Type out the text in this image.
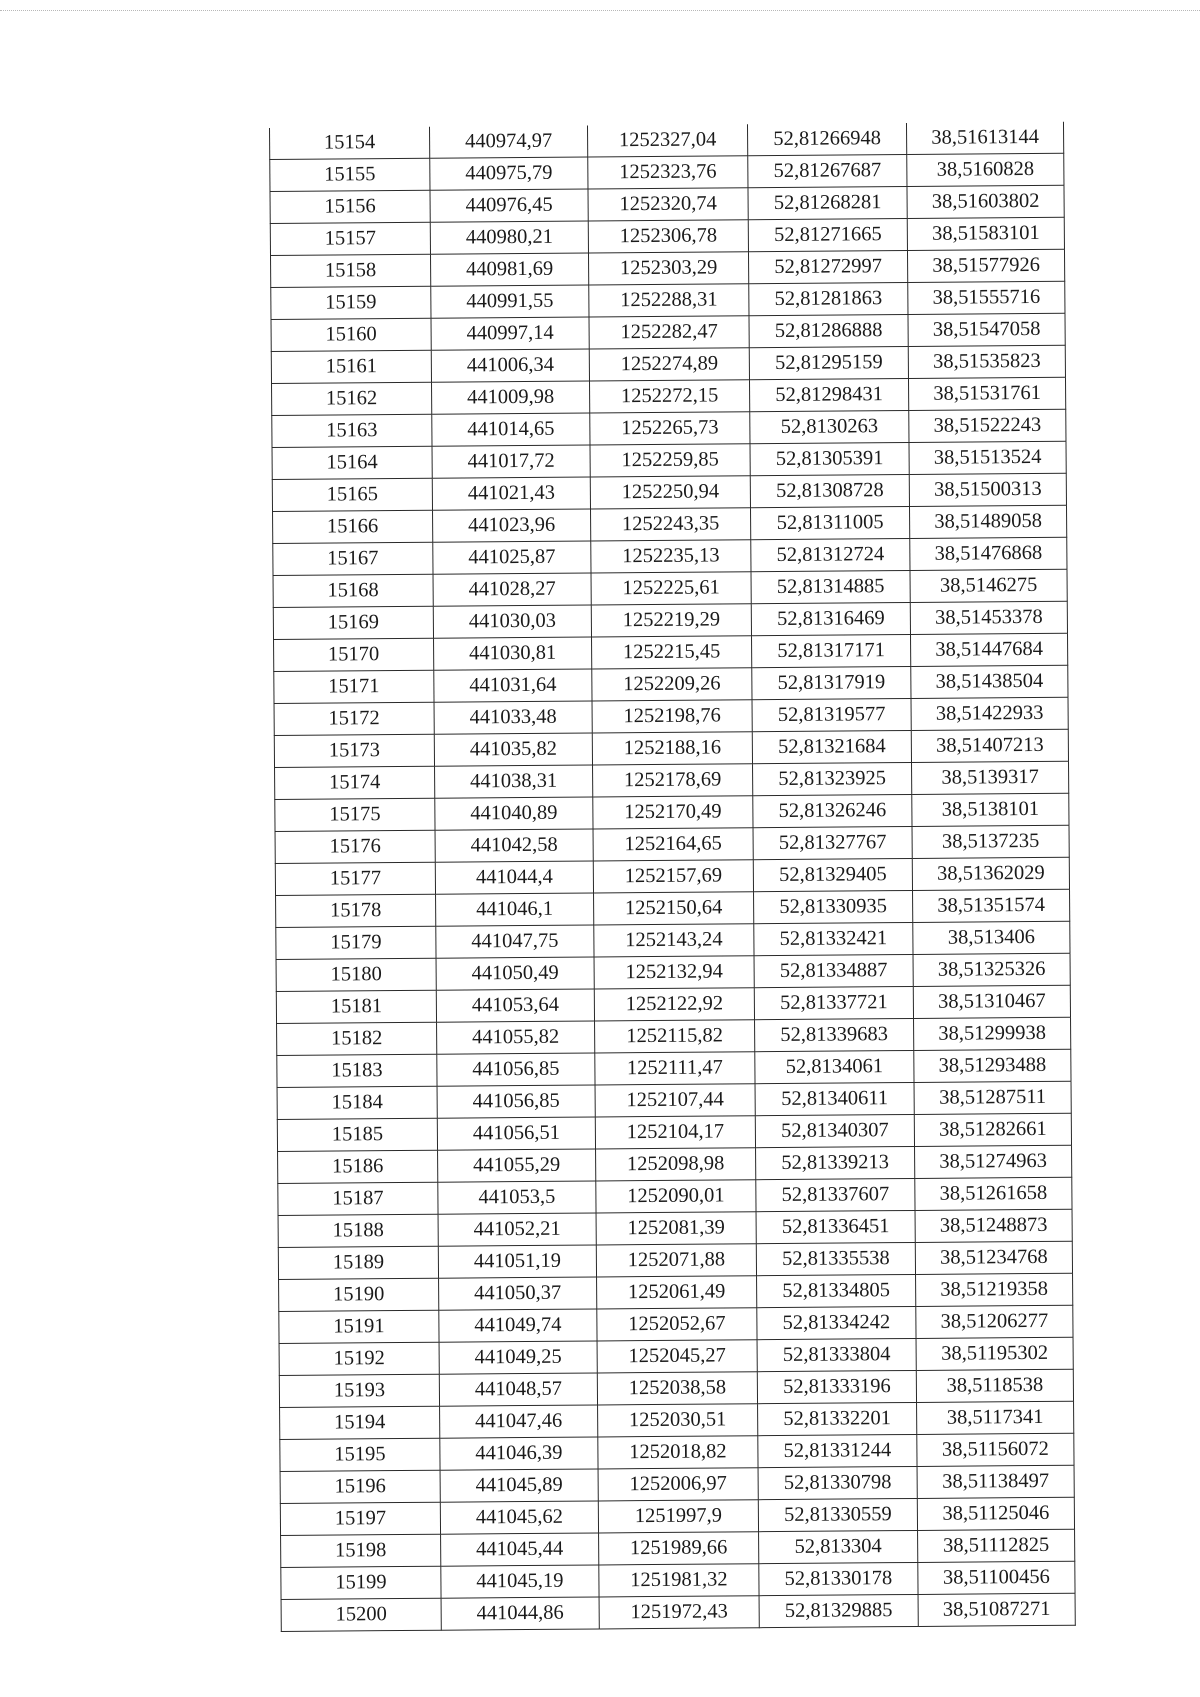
15154	440974,97	1252327,04	52,81266948	38,51613144
15155	440975,79	1252323,76	52,81267687	38,5160828
15156	440976,45	1252320,74	52,81268281	38,51603802
15157	440980,21	1252306,78	52,81271665	38,51583101
15158	440981,69	1252303,29	52,81272997	38,51577926
15159	440991,55	1252288,31	52,81281863	38,51555716
15160	440997,14	1252282,47	52,81286888	38,51547058
15161	441006,34	1252274,89	52,81295159	38,51535823
15162	441009,98	1252272,15	52,81298431	38,51531761
15163	441014,65	1252265,73	52,8130263	38,51522243
15164	441017,72	1252259,85	52,81305391	38,51513524
15165	441021,43	1252250,94	52,81308728	38,51500313
15166	441023,96	1252243,35	52,81311005	38,51489058
15167	441025,87	1252235,13	52,81312724	38,51476868
15168	441028,27	1252225,61	52,81314885	38,5146275
15169	441030,03	1252219,29	52,81316469	38,51453378
15170	441030,81	1252215,45	52,81317171	38,51447684
15171	441031,64	1252209,26	52,81317919	38,51438504
15172	441033,48	1252198,76	52,81319577	38,51422933
15173	441035,82	1252188,16	52,81321684	38,51407213
15174	441038,31	1252178,69	52,81323925	38,5139317
15175	441040,89	1252170,49	52,81326246	38,5138101
15176	441042,58	1252164,65	52,81327767	38,5137235
15177	441044,4	1252157,69	52,81329405	38,51362029
15178	441046,1	1252150,64	52,81330935	38,51351574
15179	441047,75	1252143,24	52,81332421	38,513406
15180	441050,49	1252132,94	52,81334887	38,51325326
15181	441053,64	1252122,92	52,81337721	38,51310467
15182	441055,82	1252115,82	52,81339683	38,51299938
15183	441056,85	1252111,47	52,8134061	38,51293488
15184	441056,85	1252107,44	52,81340611	38,51287511
15185	441056,51	1252104,17	52,81340307	38,51282661
15186	441055,29	1252098,98	52,81339213	38,51274963
15187	441053,5	1252090,01	52,81337607	38,51261658
15188	441052,21	1252081,39	52,81336451	38,51248873
15189	441051,19	1252071,88	52,81335538	38,51234768
15190	441050,37	1252061,49	52,81334805	38,51219358
15191	441049,74	1252052,67	52,81334242	38,51206277
15192	441049,25	1252045,27	52,81333804	38,51195302
15193	441048,57	1252038,58	52,81333196	38,5118538
15194	441047,46	1252030,51	52,81332201	38,5117341
15195	441046,39	1252018,82	52,81331244	38,51156072
15196	441045,89	1252006,97	52,81330798	38,51138497
15197	441045,62	1251997,9	52,81330559	38,51125046
15198	441045,44	1251989,66	52,813304	38,51112825
15199	441045,19	1251981,32	52,81330178	38,51100456
15200	441044,86	1251972,43	52,81329885	38,51087271
